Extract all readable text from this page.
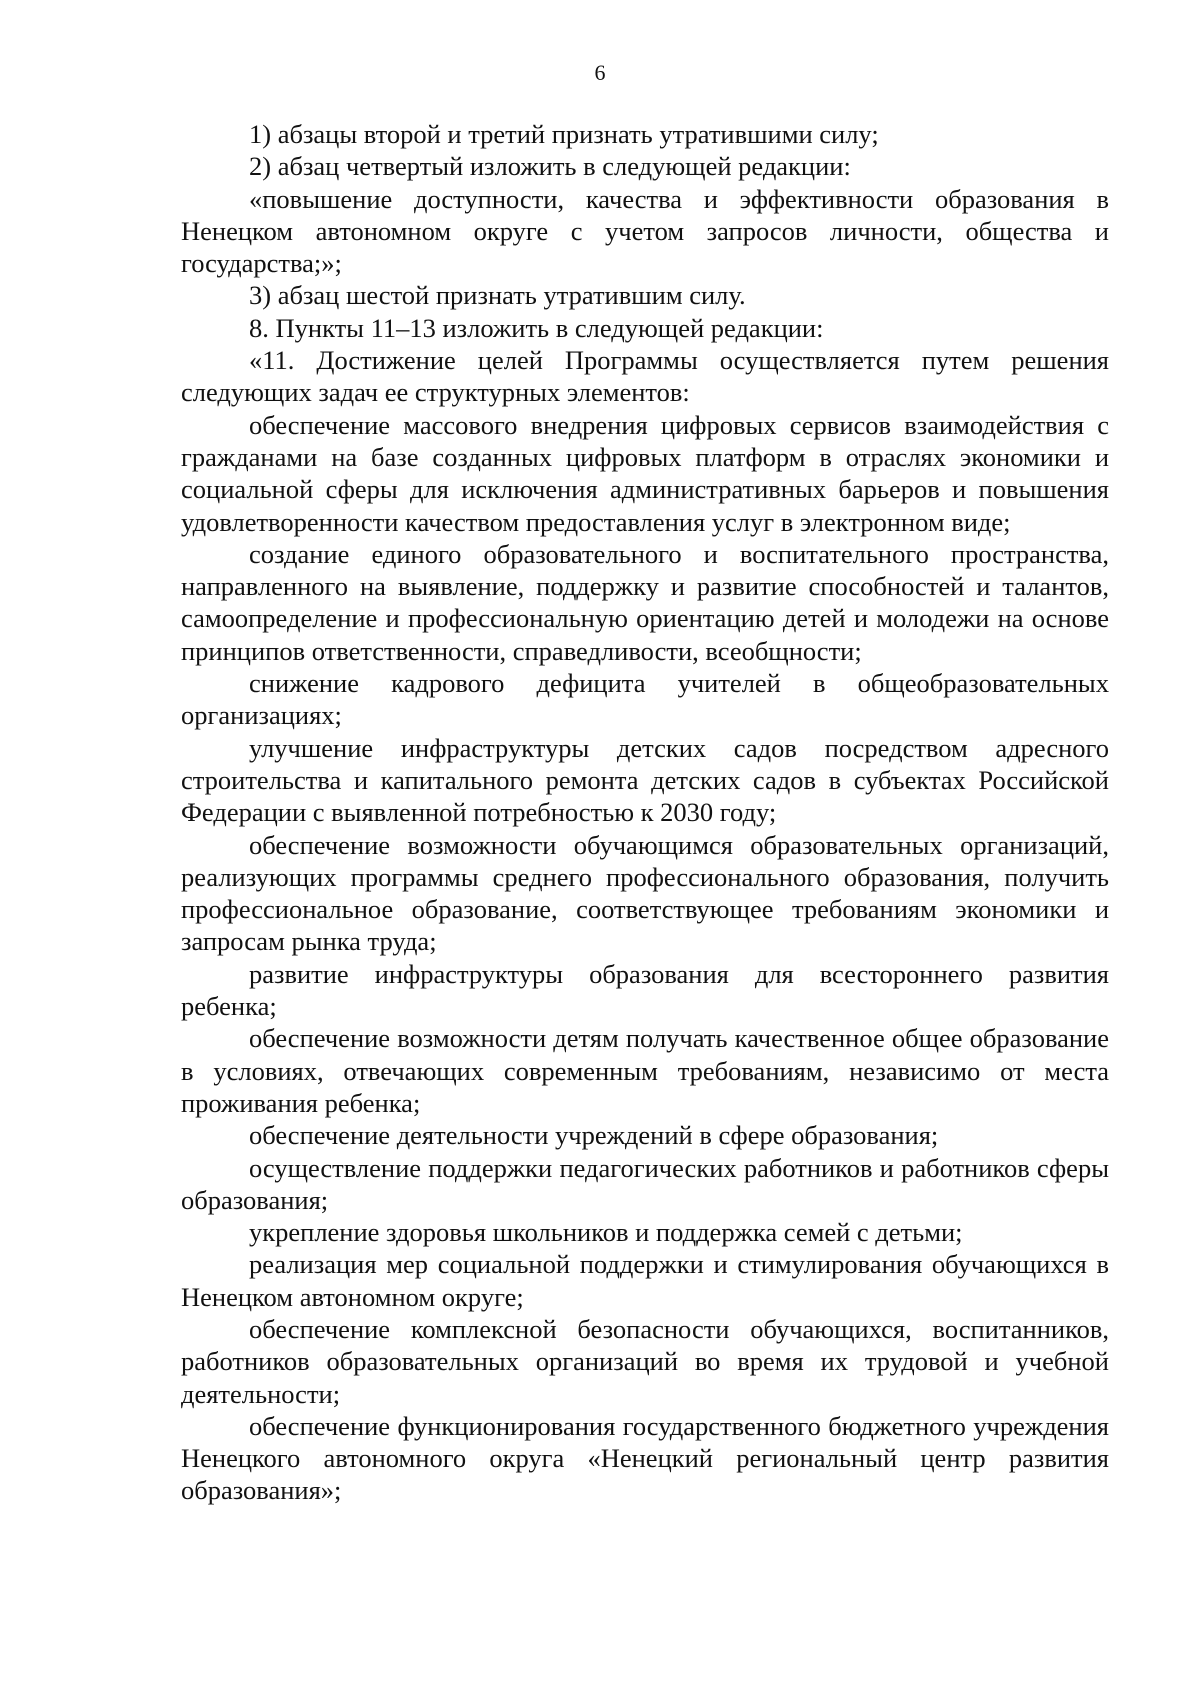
6

1) абзацы второй и третий признать утратившими силу;

2) абзац четвертый изложить в следующей редакции:

«повышение доступности, качества и эффективности образования в Ненецком автономном округе с учетом запросов личности, общества и государства;»;

3) абзац шестой признать утратившим силу.

8. Пункты 11–13 изложить в следующей редакции:

«11. Достижение целей Программы осуществляется путем решения следующих задач ее структурных элементов:

обеспечение массового внедрения цифровых сервисов взаимодействия с гражданами на базе созданных цифровых платформ в отраслях экономики и социальной сферы для исключения административных барьеров и повышения удовлетворенности качеством предоставления услуг в электронном виде;

создание единого образовательного и воспитательного пространства, направленного на выявление, поддержку и развитие способностей и талантов, самоопределение и профессиональную ориентацию детей и молодежи на основе принципов ответственности, справедливости, всеобщности;

снижение кадрового дефицита учителей в общеобразовательных организациях;

улучшение инфраструктуры детских садов посредством адресного строительства и капитального ремонта детских садов в субъектах Российской Федерации с выявленной потребностью к 2030 году;

обеспечение возможности обучающимся образовательных организаций, реализующих программы среднего профессионального образования, получить профессиональное образование, соответствующее требованиям экономики и запросам рынка труда;

развитие инфраструктуры образования для всестороннего развития ребенка;

обеспечение возможности детям получать качественное общее образование в условиях, отвечающих современным требованиям, независимо от места проживания ребенка;

обеспечение деятельности учреждений в сфере образования;

осуществление поддержки педагогических работников и работников сферы образования;

укрепление здоровья школьников и поддержка семей с детьми;

реализация мер социальной поддержки и стимулирования обучающихся в Ненецком автономном округе;

обеспечение комплексной безопасности обучающихся, воспитанников, работников образовательных организаций во время их трудовой и учебной деятельности;

обеспечение функционирования государственного бюджетного учреждения Ненецкого автономного округа «Ненецкий региональный центр развития образования»;
